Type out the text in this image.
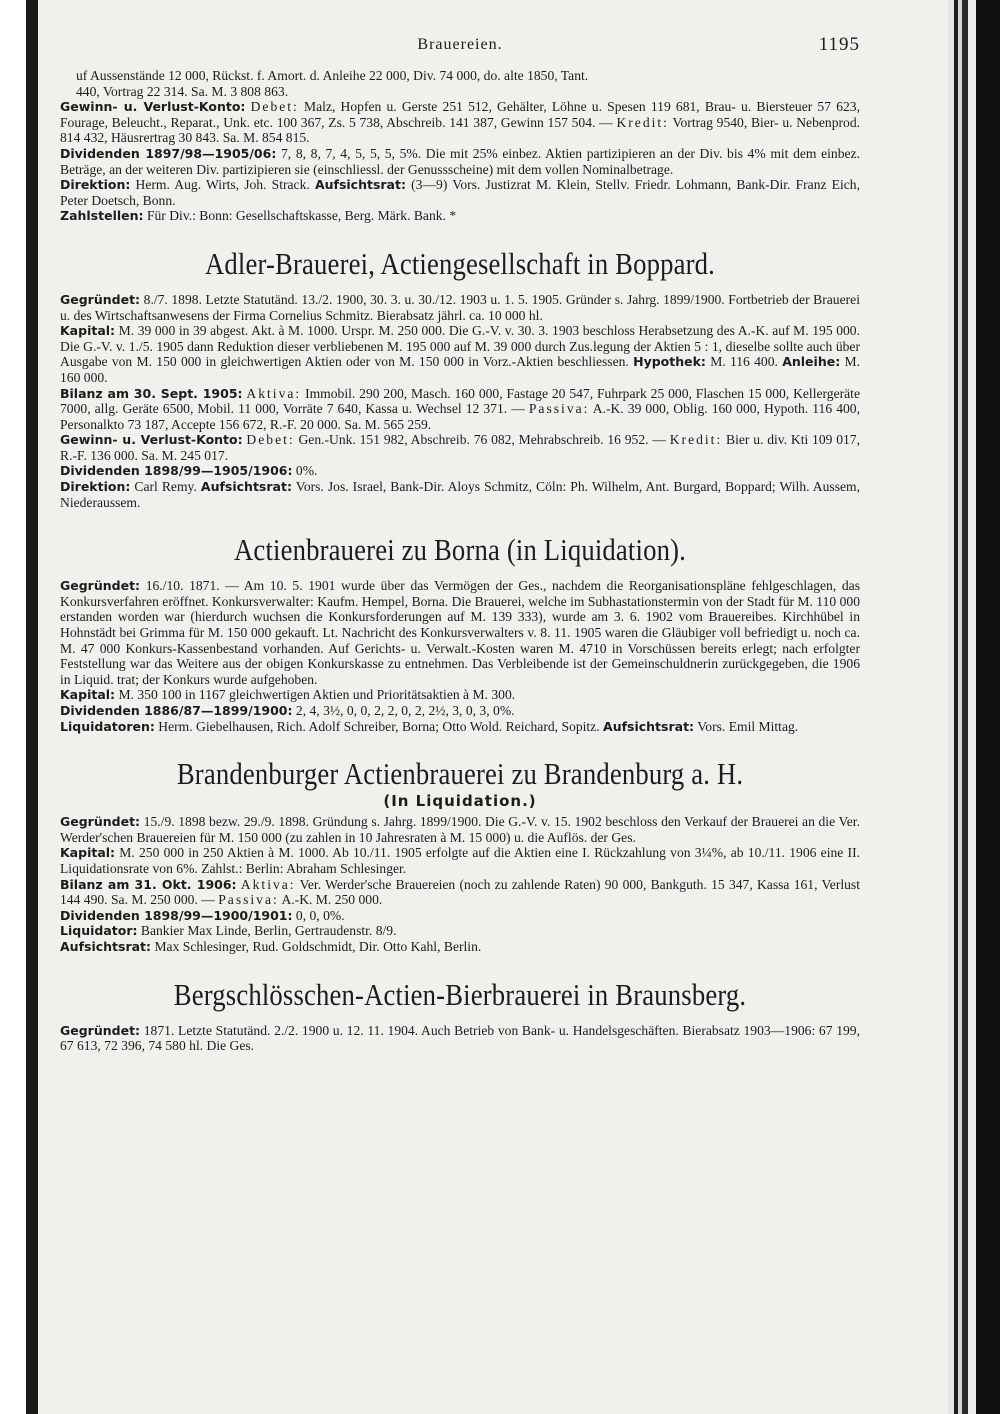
Brauereien.	1195

uf Aussenstände 12 000, Rückst. f. Amort. d. Anleihe 22 000, Div. 74 000, do. alte 1850, Tant.

440, Vortrag 22 314. Sa. M. 3 808 863.

Gewinn- u. Verlust-Konto: Debet: Malz, Hopfen u. Gerste 251 512, Gehälter, Löhne u. Spesen 119 681, Brau- u. Biersteuer 57 623, Fourage, Beleucht., Reparat., Unk. etc. 100 367, Zs. 5 738, Abschreib. 141 387, Gewinn 157 504. — Kredit: Vortrag 9540, Bier- u. Nebenprod. 814 432, Häusrertrag 30 843. Sa. M. 854 815.

Dividenden 1897/98—1905/06: 7, 8, 8, 7, 4, 5, 5, 5, 5%. Die mit 25% einbez. Aktien partizipieren an der Div. bis 4% mit dem einbez. Beträge, an der weiteren Div. partizipieren sie (einschliessl. der Genussscheine) mit dem vollen Nominalbetrage.

Direktion: Herm. Aug. Wirts, Joh. Strack. Aufsichtsrat: (3—9) Vors. Justizrat M. Klein, Stellv. Friedr. Lohmann, Bank-Dir. Franz Eich, Peter Doetsch, Bonn.

Zahlstellen: Für Div.: Bonn: Gesellschaftskasse, Berg. Märk. Bank. *

Adler-Brauerei, Actiengesellschaft in Boppard.

Gegründet: 8./7. 1898. Letzte Statutänd. 13./2. 1900, 30. 3. u. 30./12. 1903 u. 1. 5. 1905. Gründer s. Jahrg. 1899/1900. Fortbetrieb der Brauerei u. des Wirtschaftsanwesens der Firma Cornelius Schmitz. Bierabsatz jährl. ca. 10 000 hl.

Kapital: M. 39 000 in 39 abgest. Akt. à M. 1000. Urspr. M. 250 000. Die G.-V. v. 30. 3. 1903 beschloss Herabsetzung des A.-K. auf M. 195 000. Die G.-V. v. 1./5. 1905 dann Reduktion dieser verbliebenen M. 195 000 auf M. 39 000 durch Zus.legung der Aktien 5 : 1, dieselbe sollte auch über Ausgabe von M. 150 000 in gleichwertigen Aktien oder von M. 150 000 in Vorz.-Aktien beschliessen. Hypothek: M. 116 400. Anleihe: M. 160 000.

Bilanz am 30. Sept. 1905: Aktiva: Immobil. 290 200, Masch. 160 000, Fastage 20 547, Fuhrpark 25 000, Flaschen 15 000, Kellergeräte 7000, allg. Geräte 6500, Mobil. 11 000, Vorräte 7 640, Kassa u. Wechsel 12 371. — Passiva: A.-K. 39 000, Oblig. 160 000, Hypoth. 116 400, Personalkto 73 187, Accepte 156 672, R.-F. 20 000. Sa. M. 565 259.

Gewinn- u. Verlust-Konto: Debet: Gen.-Unk. 151 982, Abschreib. 76 082, Mehrabschreib. 16 952. — Kredit: Bier u. div. Kti 109 017, R.-F. 136 000. Sa. M. 245 017.

Dividenden 1898/99—1905/1906: 0%.

Direktion: Carl Remy. Aufsichtsrat: Vors. Jos. Israel, Bank-Dir. Aloys Schmitz, Cöln: Ph. Wilhelm, Ant. Burgard, Boppard; Wilh. Aussem, Niederaussem.

Actienbrauerei zu Borna (in Liquidation).

Gegründet: 16./10. 1871. — Am 10. 5. 1901 wurde über das Vermögen der Ges., nachdem die Reorganisationspläne fehlgeschlagen, das Konkursverfahren eröffnet. Konkursverwalter: Kaufm. Hempel, Borna. Die Brauerei, welche im Subhastationstermin von der Stadt für M. 110 000 erstanden worden war (hierdurch wuchsen die Konkursforderungen auf M. 139 333), wurde am 3. 6. 1902 vom Brauereibes. Kirchhübel in Hohnstädt bei Grimma für M. 150 000 gekauft. Lt. Nachricht des Konkursverwalters v. 8. 11. 1905 waren die Gläubiger voll befriedigt u. noch ca. M. 47 000 Konkurs-Kassenbestand vorhanden. Auf Gerichts- u. Verwalt.-Kosten waren M. 4710 in Vorschüssen bereits erlegt; nach erfolgter Feststellung war das Weitere aus der obigen Konkurskasse zu entnehmen. Das Verbleibende ist der Gemeinschuldnerin zurückgegeben, die 1906 in Liquid. trat; der Konkurs wurde aufgehoben.

Kapital: M. 350 100 in 1167 gleichwertigen Aktien und Prioritätsaktien à M. 300.

Dividenden 1886/87—1899/1900: 2, 4, 3½, 0, 0, 2, 2, 0, 2, 2½, 3, 0, 3, 0%.

Liquidatoren: Herm. Giebelhausen, Rich. Adolf Schreiber, Borna; Otto Wold. Reichard, Sopitz. Aufsichtsrat: Vors. Emil Mittag.

Brandenburger Actienbrauerei zu Brandenburg a. H.
(In Liquidation.)

Gegründet: 15./9. 1898 bezw. 29./9. 1898. Gründung s. Jahrg. 1899/1900. Die G.-V. v. 15. 1902 beschloss den Verkauf der Brauerei an die Ver. Werder'schen Brauereien für M. 150 000 (zu zahlen in 10 Jahresraten à M. 15 000) u. die Auflös. der Ges.

Kapital: M. 250 000 in 250 Aktien à M. 1000. Ab 10./11. 1905 erfolgte auf die Aktien eine I. Rückzahlung von 3¼%, ab 10./11. 1906 eine II. Liquidationsrate von 6%. Zahlst.: Berlin: Abraham Schlesinger.

Bilanz am 31. Okt. 1906: Aktiva: Ver. Werder'sche Brauereien (noch zu zahlende Raten) 90 000, Bankguth. 15 347, Kassa 161, Verlust 144 490. Sa. M. 250 000. — Passiva: A.-K. M. 250 000.

Dividenden 1898/99—1900/1901: 0, 0, 0%.

Liquidator: Bankier Max Linde, Berlin, Gertraudenstr. 8/9.

Aufsichtsrat: Max Schlesinger, Rud. Goldschmidt, Dir. Otto Kahl, Berlin.

Bergschlösschen-Actien-Bierbrauerei in Braunsberg.

Gegründet: 1871. Letzte Statutänd. 2./2. 1900 u. 12. 11. 1904. Auch Betrieb von Bank- u. Handelsgeschäften. Bierabsatz 1903—1906: 67 199, 67 613, 72 396, 74 580 hl. Die Ges.
